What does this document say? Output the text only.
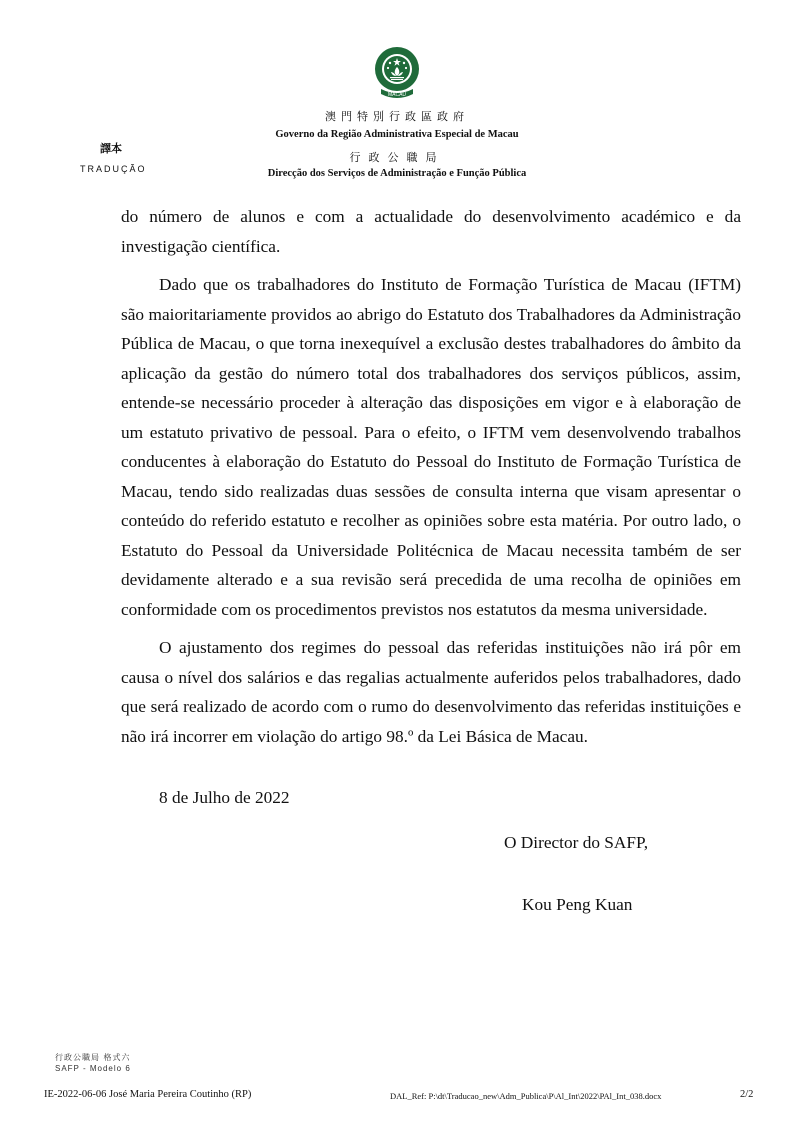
MACAU
澳門特別行政區政府
Governo da Região Administrativa Especial de Macau
行政公職局
Direcção dos Serviços de Administração e Função Pública
譯本
TRADUÇÃO

do número de alunos e com a actualidade do desenvolvimento académico e da investigação científica.

Dado que os trabalhadores do Instituto de Formação Turística de Macau (IFTM) são maioritariamente providos ao abrigo do Estatuto dos Trabalhadores da Administração Pública de Macau, o que torna inexequível a exclusão destes trabalhadores do âmbito da aplicação da gestão do número total dos trabalhadores dos serviços públicos, assim, entende-se necessário proceder à alteração das disposições em vigor e à elaboração de um estatuto privativo de pessoal. Para o efeito, o IFTM vem desenvolvendo trabalhos conducentes à elaboração do Estatuto do Pessoal do Instituto de Formação Turística de Macau, tendo sido realizadas duas sessões de consulta interna que visam apresentar o conteúdo do referido estatuto e recolher as opiniões sobre esta matéria. Por outro lado, o Estatuto do Pessoal da Universidade Politécnica de Macau necessita também de ser devidamente alterado e a sua revisão será precedida de uma recolha de opiniões em conformidade com os procedimentos previstos nos estatutos da mesma universidade.

O ajustamento dos regimes do pessoal das referidas instituições não irá pôr em causa o nível dos salários e das regalias actualmente auferidos pelos trabalhadores, dado que será realizado de acordo com o rumo do desenvolvimento das referidas instituições e não irá incorrer em violação do artigo 98.º da Lei Básica de Macau.

8 de Julho de 2022
O Director do SAFP,
Kou Peng Kuan
行政公職局 格式六
SAFP - Modelo 6
IE-2022-06-06 José Maria Pereira Coutinho (RP)	DAL_Ref: P:\dt\Traducao_new\Adm_Publica\P\Al_Int\2022\PAl_Int_038.docx	2/2
